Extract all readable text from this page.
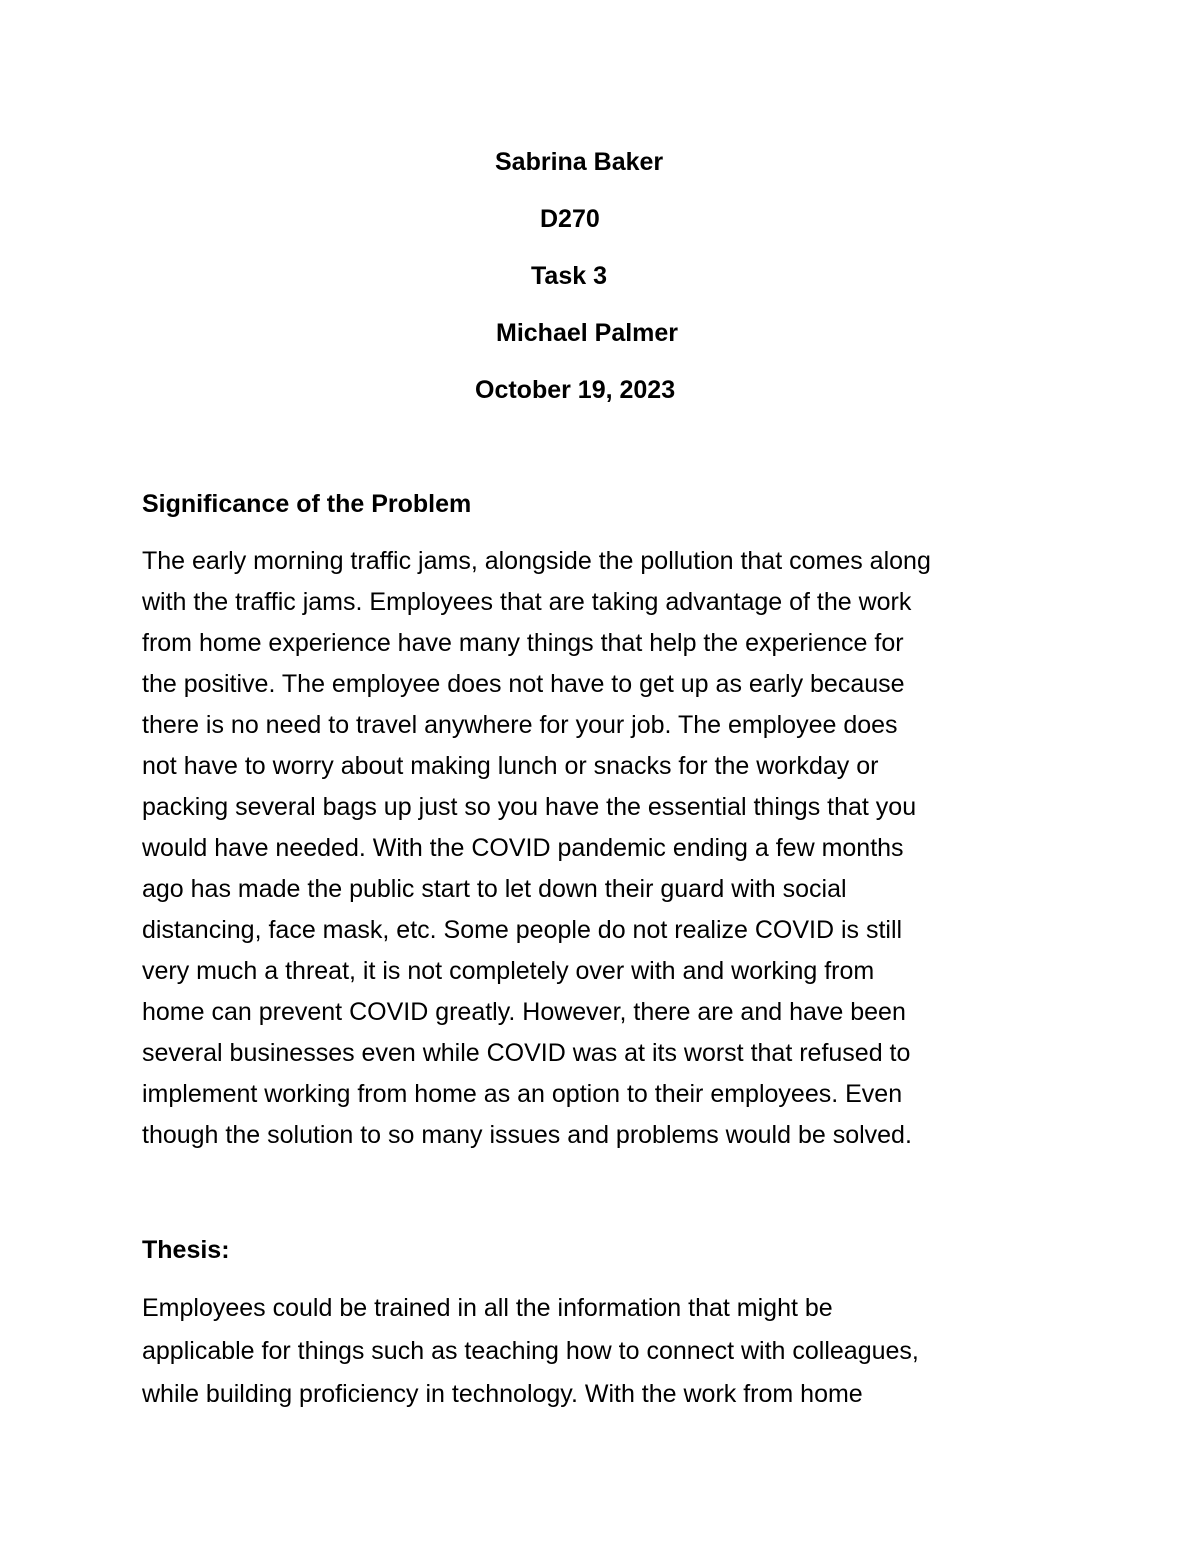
Sabrina Baker
D270
Task 3
Michael Palmer
October 19, 2023
Significance of the Problem
The early morning traffic jams, alongside the pollution that comes along
with the traffic jams. Employees that are taking advantage of the work
from home experience have many things that help the experience for
the positive. The employee does not have to get up as early because
there is no need to travel anywhere for your job. The employee does
not have to worry about making lunch or snacks for the workday or
packing several bags up just so you have the essential things that you
would have needed. With the COVID pandemic ending a few months
ago has made the public start to let down their guard with social
distancing, face mask, etc. Some people do not realize COVID is still
very much a threat, it is not completely over with and working from
home can prevent COVID greatly. However, there are and have been
several businesses even while COVID was at its worst that refused to
implement working from home as an option to their employees. Even
though the solution to so many issues and problems would be solved.
Thesis:
Employees could be trained in all the information that might be
applicable for things such as teaching how to connect with colleagues,
while building proficiency in technology. With the work from home
